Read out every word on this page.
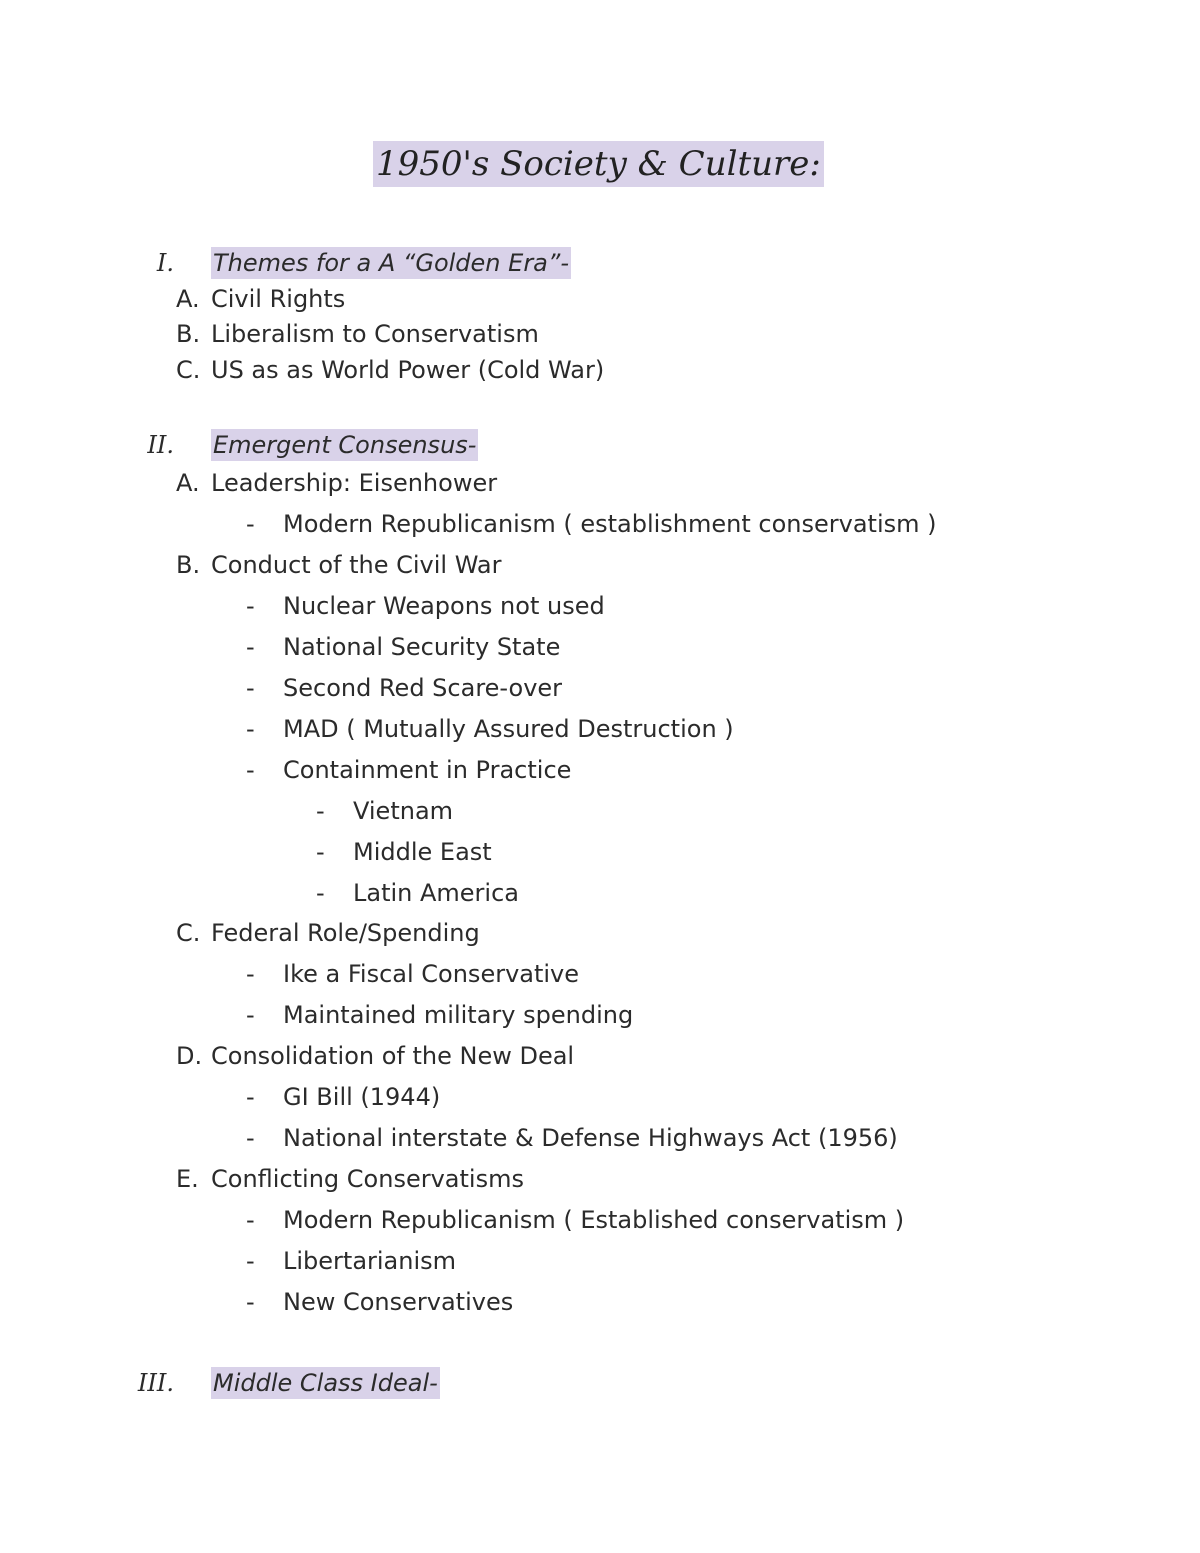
1950's Society & Culture:
I. Themes for a A “Golden Era”-
A. Civil Rights
B. Liberalism to Conservatism
C. US as as World Power (Cold War)
II. Emergent Consensus-
A. Leadership: Eisenhower
- Modern Republicanism ( establishment conservatism )
B. Conduct of the Civil War
- Nuclear Weapons not used
- National Security State
- Second Red Scare-over
- MAD ( Mutually Assured Destruction )
- Containment in Practice
- Vietnam
- Middle East
- Latin America
C. Federal Role/Spending
- Ike a Fiscal Conservative
- Maintained military spending
D. Consolidation of the New Deal
- GI Bill (1944)
- National interstate & Defense Highways Act (1956)
E. Conflicting Conservatisms
- Modern Republicanism ( Established conservatism )
- Libertarianism
- New Conservatives
III. Middle Class Ideal-
